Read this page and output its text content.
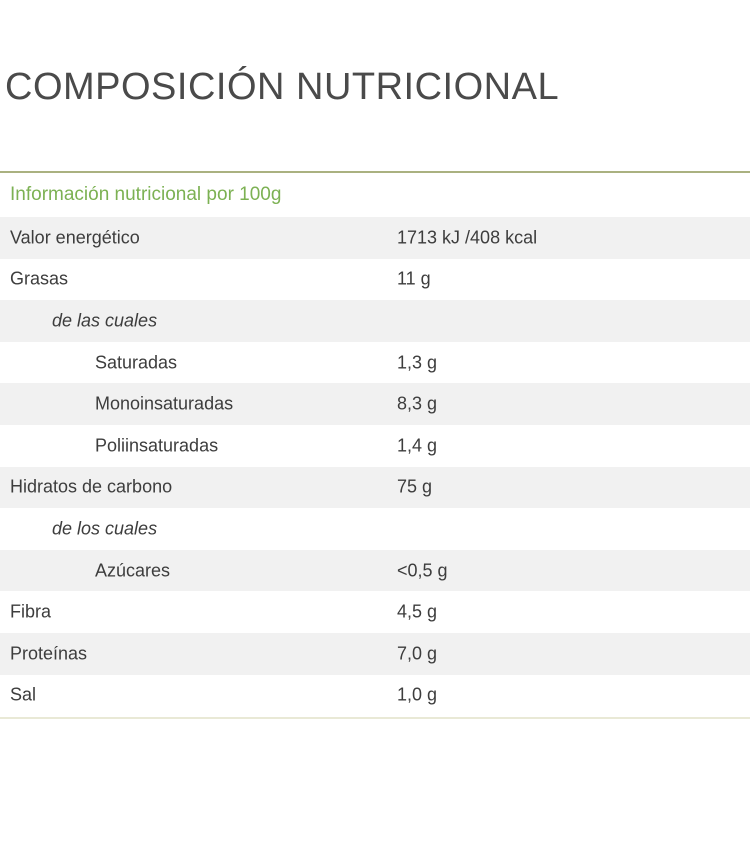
COMPOSICIÓN NUTRICIONAL
Información nutricional por 100g
Valor energético	1713 kJ /408 kcal
Grasas	11 g
de las cuales
Saturadas	1,3 g
Monoinsaturadas	8,3 g
Poliinsaturadas	1,4 g
Hidratos de carbono	75 g
de los cuales
Azúcares	<0,5 g
Fibra	4,5 g
Proteínas	7,0 g
Sal	1,0 g
